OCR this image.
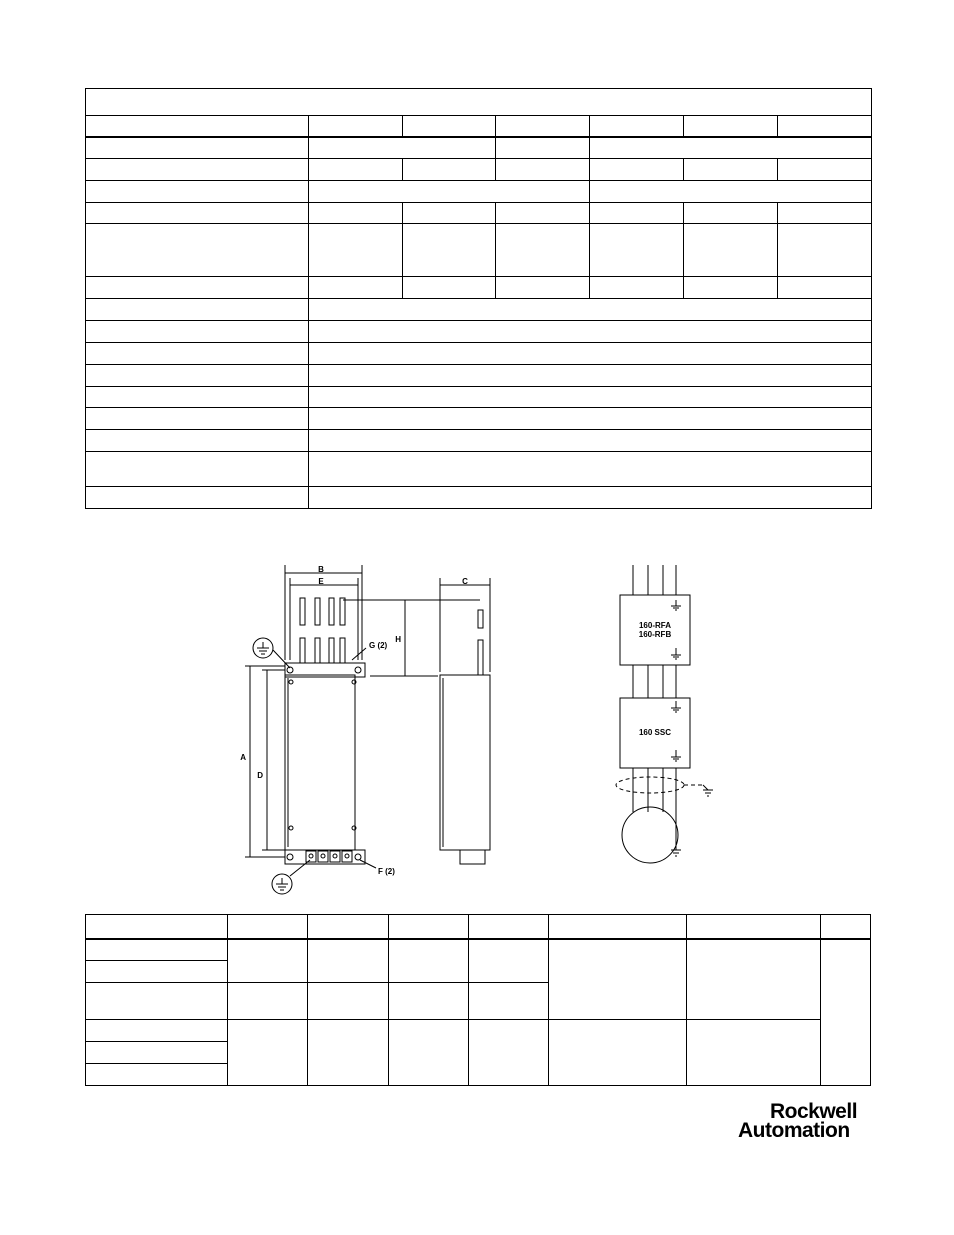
B
E	C
H
G (2)
A
D
F (2)
160-RFA
160-RFB
160 SSC

Rockwell
Automation
